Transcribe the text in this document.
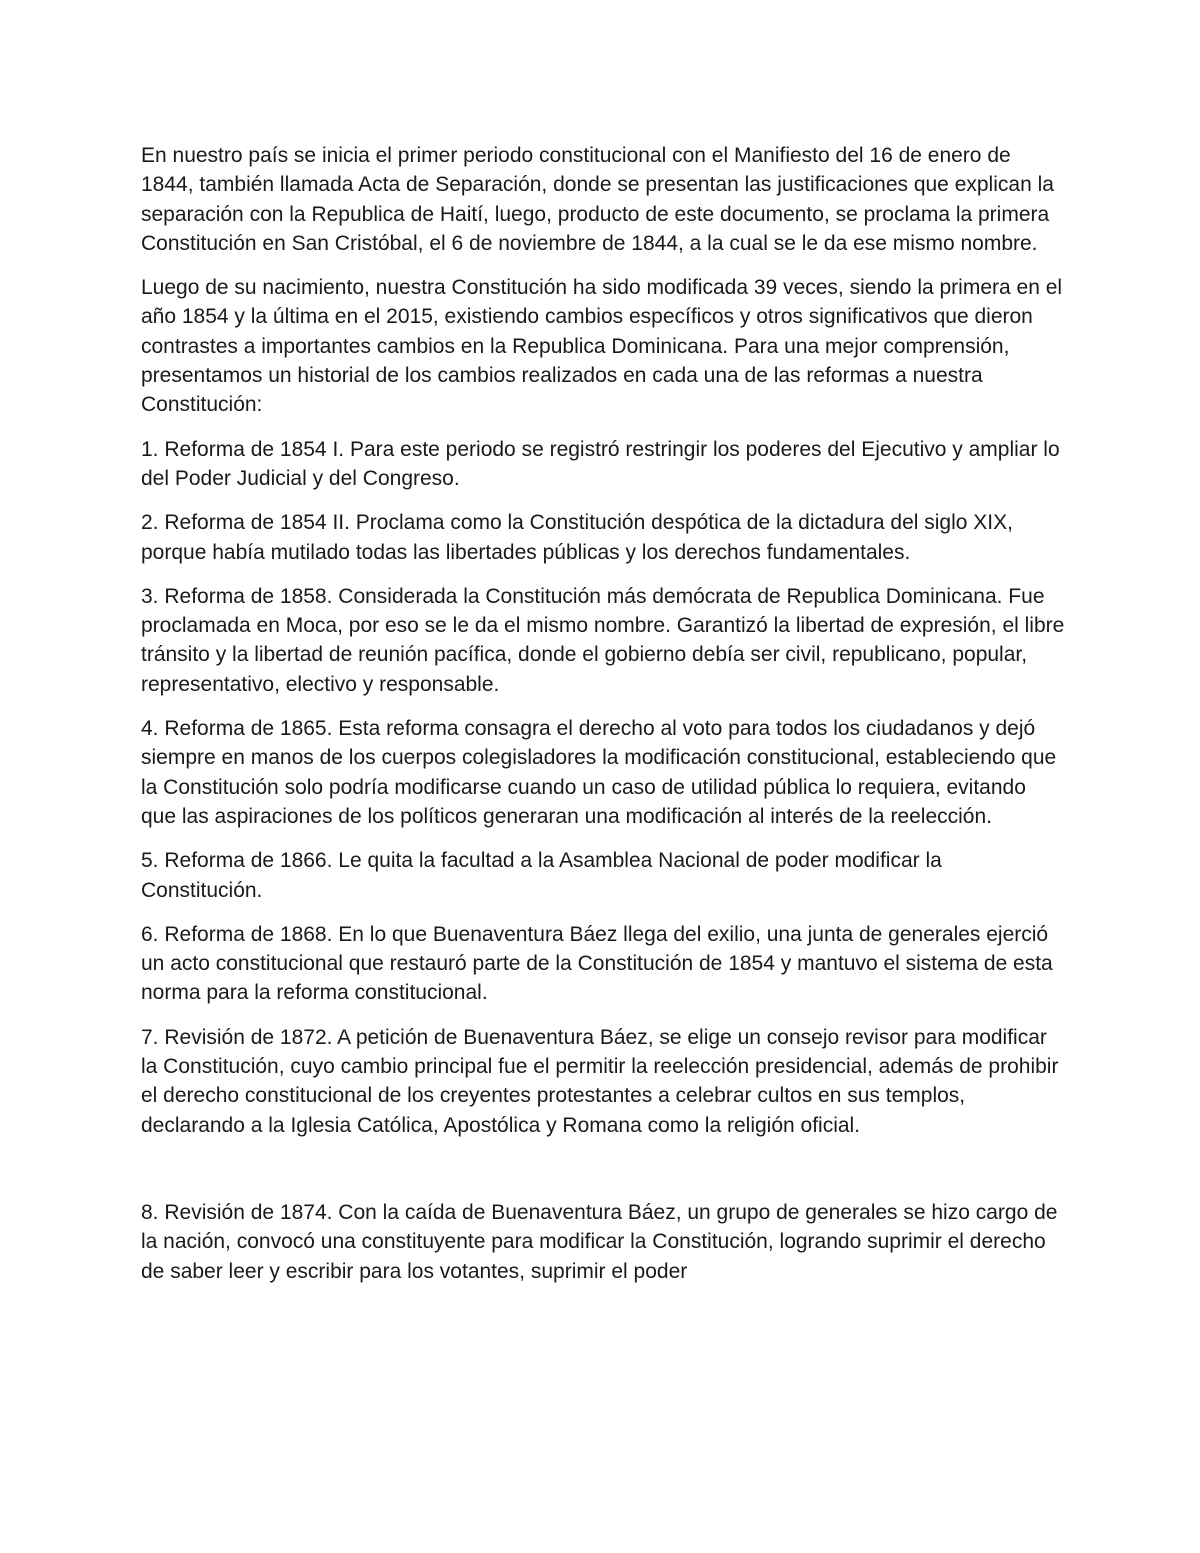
En nuestro país se inicia el primer periodo constitucional con el Manifiesto del 16 de enero de 1844, también llamada Acta de Separación, donde se presentan las justificaciones que explican la separación con la Republica de Haití, luego, producto de este documento, se proclama la primera Constitución en San Cristóbal, el 6 de noviembre de 1844, a la cual se le da ese mismo nombre.

Luego de su nacimiento, nuestra Constitución ha sido modificada 39 veces, siendo la primera en el año 1854 y la última en el 2015, existiendo cambios específicos y otros significativos que dieron contrastes a importantes cambios en la Republica Dominicana. Para una mejor comprensión, presentamos un historial de los cambios realizados en cada una de las reformas a nuestra Constitución:

1. Reforma de 1854 I. Para este periodo se registró restringir los poderes del Ejecutivo y ampliar lo del Poder Judicial y del Congreso.

2. Reforma de 1854 II. Proclama como la Constitución despótica de la dictadura del siglo XIX, porque había mutilado todas las libertades públicas y los derechos fundamentales.

3. Reforma de 1858. Considerada la Constitución más demócrata de Republica Dominicana. Fue proclamada en Moca, por eso se le da el mismo nombre. Garantizó la libertad de expresión, el libre tránsito y la libertad de reunión pacífica, donde el gobierno debía ser civil, republicano, popular, representativo, electivo y responsable.

4. Reforma de 1865. Esta reforma consagra el derecho al voto para todos los ciudadanos y dejó siempre en manos de los cuerpos colegisladores la modificación constitucional, estableciendo que la Constitución solo podría modificarse cuando un caso de utilidad pública lo requiera, evitando que las aspiraciones de los políticos generaran una modificación al interés de la reelección.

5. Reforma de 1866. Le quita la facultad a la Asamblea Nacional de poder modificar la Constitución.

6. Reforma de 1868. En lo que Buenaventura Báez llega del exilio, una junta de generales ejerció un acto constitucional que restauró parte de la Constitución de 1854 y mantuvo el sistema de esta norma para la reforma constitucional.

7. Revisión de 1872. A petición de Buenaventura Báez, se elige un consejo revisor para modificar la Constitución, cuyo cambio principal fue el permitir la reelección presidencial, además de prohibir el derecho constitucional de los creyentes protestantes a celebrar cultos en sus templos, declarando a la Iglesia Católica, Apostólica y Romana como la religión oficial.

8. Revisión de 1874. Con la caída de Buenaventura Báez, un grupo de generales se hizo cargo de la nación, convocó una constituyente para modificar la Constitución, logrando suprimir el derecho de saber leer y escribir para los votantes, suprimir el poder
